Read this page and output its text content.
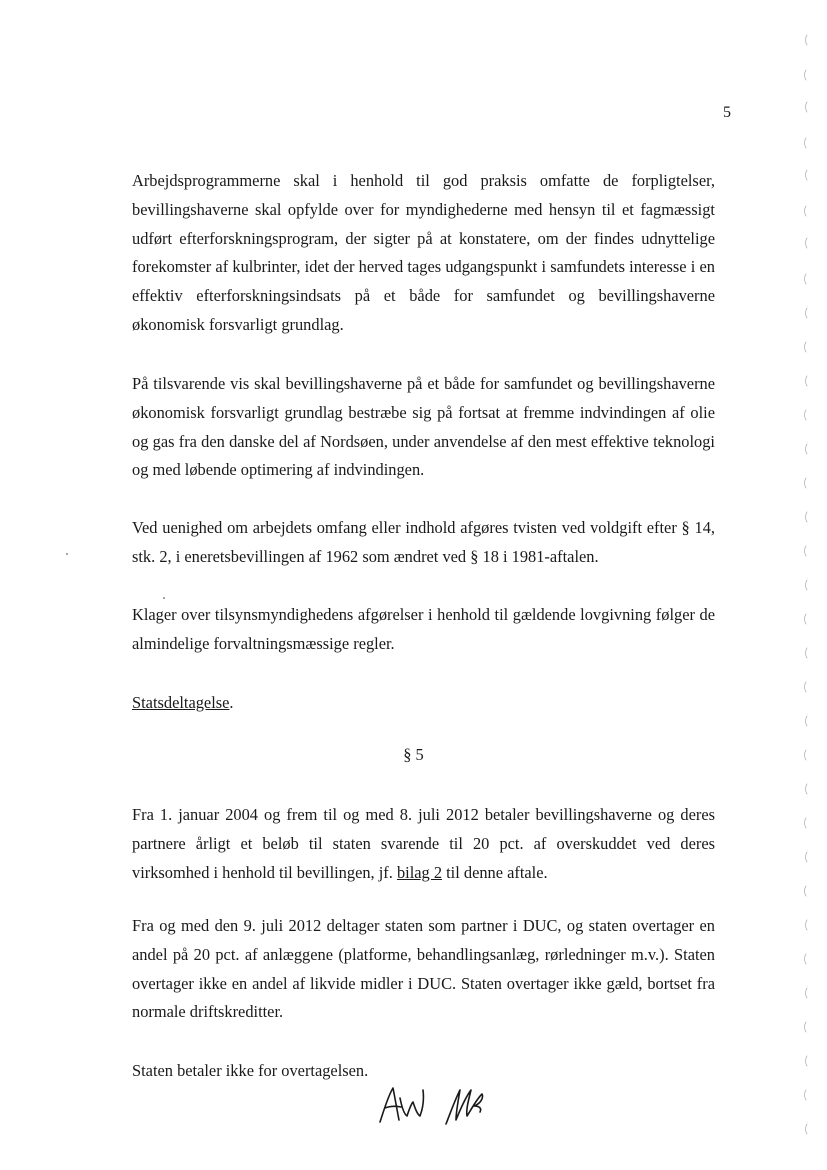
5

Arbejdsprogrammerne skal i henhold til god praksis omfatte de forpligtelser, bevillingshaverne skal opfylde over for myndighederne med hensyn til et fagmæssigt udført efterforskningsprogram, der sigter på at konstatere, om der findes udnyttelige forekomster af kulbrinter, idet der herved tages udgangspunkt i samfundets interesse i en effektiv efterforskningsindsats på et både for samfundet og bevillingshaverne økonomisk forsvarligt grundlag.

På tilsvarende vis skal bevillingshaverne på et både for samfundet og bevillingshaverne økonomisk forsvarligt grundlag bestræbe sig på fortsat at fremme indvindingen af olie og gas fra den danske del af Nordsøen, under anvendelse af den mest effektive teknologi og med løbende optimering af indvindingen.

Ved uenighed om arbejdets omfang eller indhold afgøres tvisten ved voldgift efter § 14, stk. 2, i eneretsbevillingen af 1962 som ændret ved § 18 i 1981-aftalen.

Klager over tilsynsmyndighedens afgørelser i henhold til gældende lovgivning følger de almindelige forvaltningsmæssige regler.

Statsdeltagelse.

§ 5

Fra 1. januar 2004 og frem til og med 8. juli 2012 betaler bevillingshaverne og deres partnere årligt et beløb til staten svarende til 20 pct. af overskuddet ved deres virksomhed i henhold til bevillingen, jf. bilag 2 til denne aftale.

Fra og med den 9. juli 2012 deltager staten som partner i DUC, og staten overtager en andel på 20 pct. af anlæggene (platforme, behandlingsanlæg, rørledninger m.v.). Staten overtager ikke en andel af likvide midler i DUC. Staten overtager ikke gæld, bortset fra normale driftskreditter.

Staten betaler ikke for overtagelsen.
